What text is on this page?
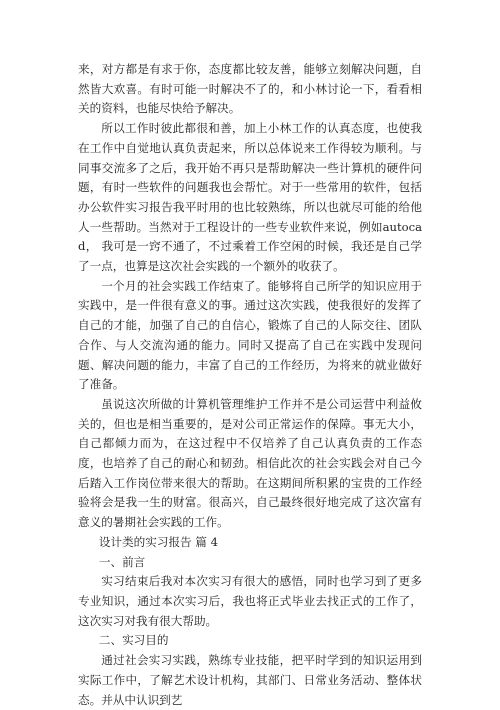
来，对方都是有求于你，态度都比较友善，能够立刻解决问题，自然皆大欢喜。有时可能一时解决不了的，和小林讨论一下，看看相关的资料，也能尽快给予解决。

所以工作时彼此都很和善，加上小林工作的认真态度，也使我在工作中自觉地认真负责起来，所以总体说来工作得较为顺利。与同事交流多了之后，我开始不再只是帮助解决一些计算机的硬件问题，有时一些软件的问题我也会帮忙。对于一些常用的软件，包括办公软件实习报告我平时用的也比较熟练，所以也就尽可能的给他人一些帮助。当然对于工程设计的一些专业软件来说，例如autocad， 我可是一窍不通了，不过乘着工作空闲的时候，我还是自己学了一点，也算是这次社会实践的一个额外的收获了。

一个月的社会实践工作结束了。能够将自己所学的知识应用于实践中，是一件很有意义的事。通过这次实践，使我很好的发挥了自己的才能，加强了自己的自信心，锻炼了自己的人际交往、团队合作、与人交流沟通的能力。同时又提高了自己在实践中发现问题、解决问题的能力，丰富了自己的工作经历，为将来的就业做好了准备。

虽说这次所做的计算机管理维护工作并不是公司运营中利益攸关的，但也是相当重要的，是对公司正常运作的保障。事无大小，自己都倾力而为，在这过程中不仅培养了自己认真负责的工作态度，也培养了自己的耐心和韧劲。相信此次的社会实践会对自己今后踏入工作岗位带来很大的帮助。在这期间所积累的宝贵的工作经验将会是我一生的财富。很高兴，自己最终很好地完成了这次富有意义的暑期社会实践的工作。

设计类的实习报告 篇 4

一、前言

实习结束后我对本次实习有很大的感悟，同时也学习到了更多专业知识，通过本次实习后，我也将正式毕业去找正式的工作了，这次实习对我有很大帮助。

二、实习目的

通过社会实习实践，熟练专业技能，把平时学到的知识运用到实际工作中，了解艺术设计机构，其部门、日常业务活动、整体状态。并从中认识到艺
